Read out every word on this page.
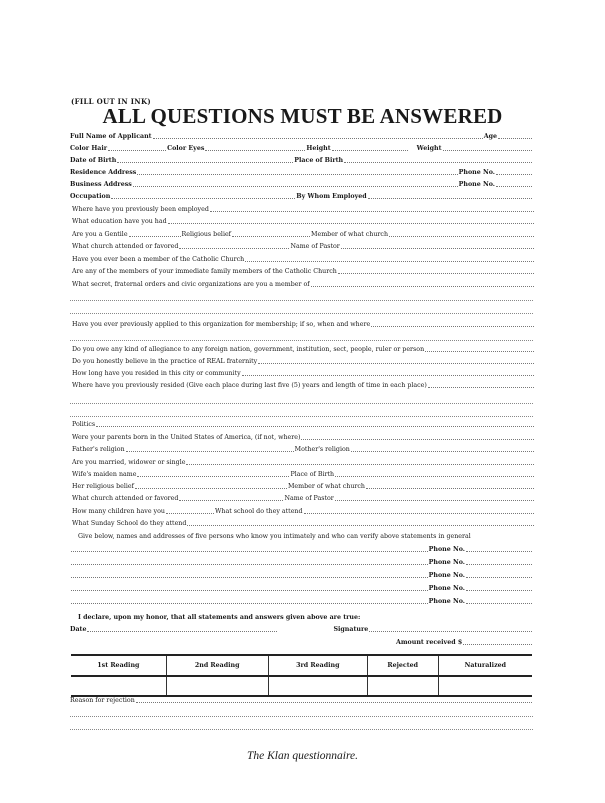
(FILL OUT IN INK)
ALL QUESTIONS MUST BE ANSWERED
Full Name of Applicant	Age
Color Hair	Color Eyes	Height	Weight
Date of Birth	Place of Birth
Residence Address	Phone No.
Business Address	Phone No.
Occupation	By Whom Employed
Where have you previously been employed
What education have you had
Are you a Gentile	Religious belief	Member of what church
What church attended or favored	Name of Pastor
Have you ever been a member of the Catholic Church
Are any of the members of your immediate family members of the Catholic Church
What secret, fraternal orders and civic organizations are you a member of
Have you ever previously applied to this organization for membership; if so, when and where
Do you owe any kind of allegiance to any foreign nation, government, institution, sect, people, ruler or person
Do you honestly believe in the practice of REAL fraternity
How long have you resided in this city or community
Where have you previously resided (Give each place during last five (5) years and length of time in each place)
Politics
Were your parents born in the United States of America, (if not, where)
Father's religion	Mother's religion
Are you married, widower or single
Wife's maiden name	Place of Birth
Her religious belief	Member of what church
What church attended or favored	Name of Pastor
How many children have you	What school do they attend
What Sunday School do they attend
Give below, names and addresses of five persons who know you intimately and who can verify above statements in general
Phone No.
Phone No.
Phone No.
Phone No.
Phone No.
I declare, upon my honor, that all statements and answers given above are true:
Date	Signature
Amount received $
1st Reading	2nd Reading	3rd Reading	Rejected	Naturalized

Reason for rejection
The Klan questionnaire.
